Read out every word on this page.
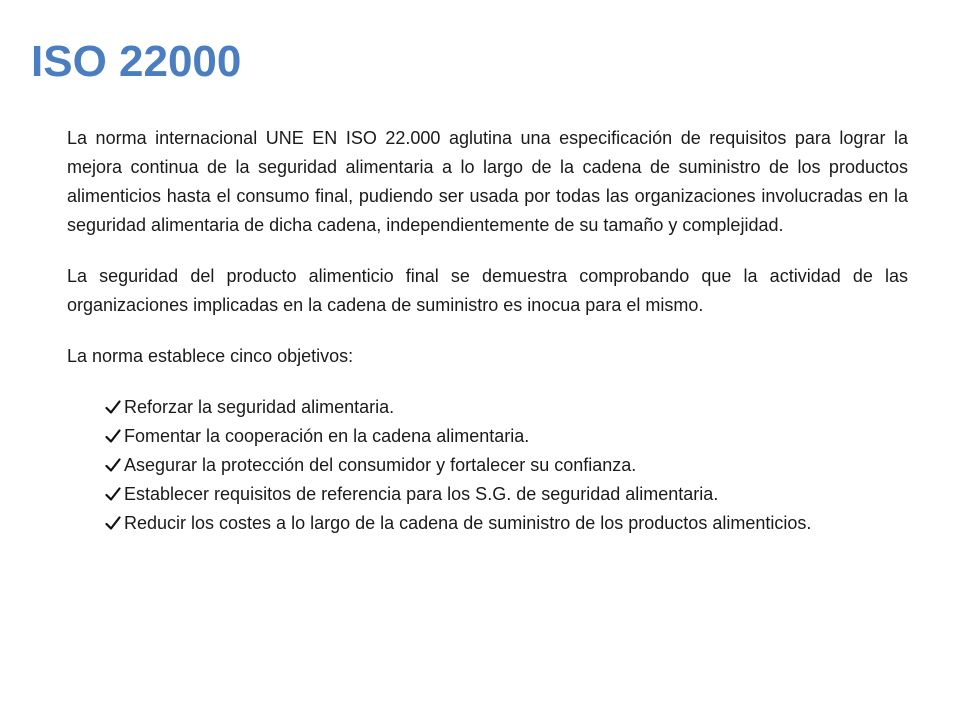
ISO 22000

La norma internacional UNE EN ISO 22.000 aglutina una especificación de requisitos para lograr la mejora continua de la seguridad alimentaria a lo largo de la cadena de suministro de los productos alimenticios hasta el consumo final, pudiendo ser usada por todas las organizaciones involucradas en la seguridad alimentaria de dicha cadena, independientemente de su tamaño y complejidad.

La seguridad del producto alimenticio final se demuestra comprobando que la actividad de las organizaciones implicadas en la cadena de suministro es inocua para el mismo.

La norma establece cinco objetivos:

Reforzar la seguridad alimentaria.
Fomentar la cooperación en la cadena alimentaria.
Asegurar la protección del consumidor y fortalecer su confianza.
Establecer requisitos de referencia para los S.G. de seguridad alimentaria.
Reducir los costes a lo largo de la cadena de suministro de los productos alimenticios.
